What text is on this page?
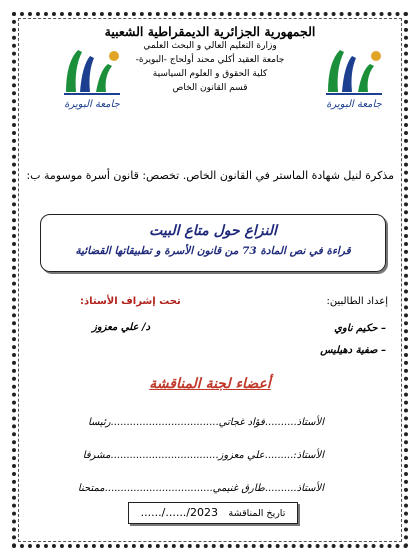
الجمهورية الجزائرية الديمقراطية الشعبية
وزارة التعليم العالي و البحث العلمي
جامعة العقيد أكلي محند أولحاج -البويرة-
كلية الحقوق و العلوم السياسية
قسم القانون الخاص
جامعة البويرة	جامعة البويرة
مذكرة لنيل شهادة الماستر في القانون الخاص. تخصص: قانون أسرة موسومة ب:
النزاع حول متاع البيت
قراءة في نص المادة 73 من قانون الأسرة و تطبيقاتها القضائية
إعداد الطالبين:
تحت إشراف الأستاذ:
– حكيم ناوي
– صفية دهيليس
د/ علي معزوز
أعضاء لجنة المناقشة
الأستاذ..........فؤاد غجاتي..................................رئيسا
الأستاذ:.........علي معزوز..................................مشرفا
الأستاذ..........طارق غنيمي..................................ممتحنا
تاريخ المناقشة   2023/....../......
